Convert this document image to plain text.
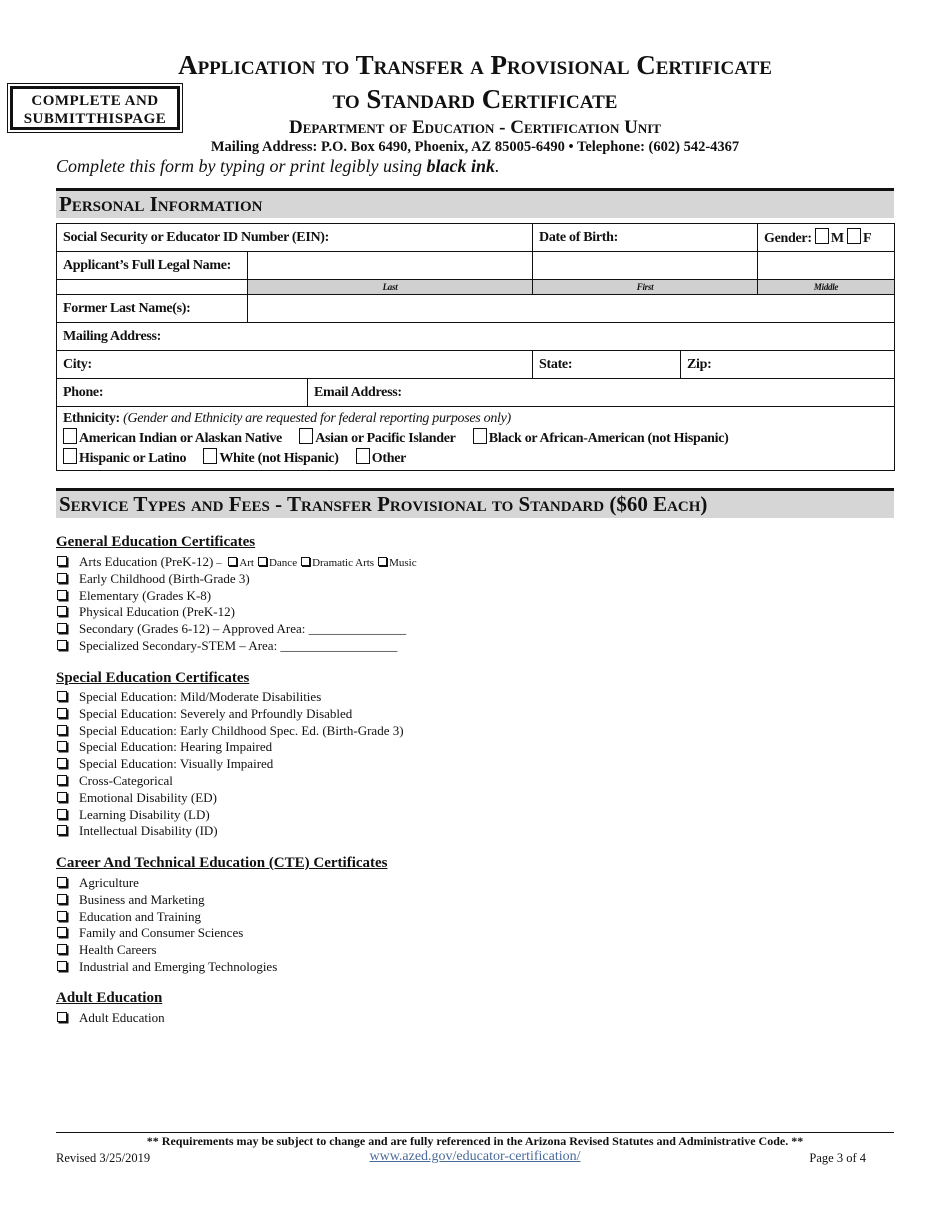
COMPLETE AND
SUBMITTHISPAGE
Application to Transfer a Provisional Certificate
to Standard Certificate
Department of Education - Certification Unit
Mailing Address: P.O. Box 6490, Phoenix, AZ 85005-6490 • Telephone: (602) 542-4367
Complete this form by typing or print legibly using black ink.
Personal Information
Social Security or Educator ID Number (EIN):			Date of Birth:		Gender: M F
Applicant’s Full Legal Name:					
	Last		First		Middle
Former Last Name(s):					
Mailing Address:					
City:			State:	Zip:	
Phone:		Email Address:			

Ethnicity: (Gender and Ethnicity are requested for federal reporting purposes only)
American Indian or Alaskan Native Asian or Pacific Islander Black or African-American (not Hispanic)
Hispanic or Latino White (not Hispanic) Other					
Service Types and Fees - Transfer Provisional to Standard ($60 Each)
General Education Certificates
Arts Education (PreK-12) – Art Dance Dramatic Arts Music
Early Childhood (Birth-Grade 3)
Elementary (Grades K-8)
Physical Education (PreK-12)
Secondary (Grades 6-12) – Approved Area: _______________
Specialized Secondary-STEM – Area: __________________
Special Education Certificates
Special Education: Mild/Moderate Disabilities
Special Education: Severely and Prfoundly Disabled
Special Education: Early Childhood Spec. Ed. (Birth-Grade 3)
Special Education: Hearing Impaired
Special Education: Visually Impaired
Cross-Categorical
Emotional Disability (ED)
Learning Disability (LD)
Intellectual Disability (ID)
Career And Technical Education (CTE) Certificates
Agriculture
Business and Marketing
Education and Training
Family and Consumer Sciences
Health Careers
Industrial and Emerging Technologies
Adult Education
Adult Education
** Requirements may be subject to change and are fully referenced in the Arizona Revised Statutes and Administrative Code. **
Revised 3/25/2019	www.azed.gov/educator-certification/	Page 3 of 4
